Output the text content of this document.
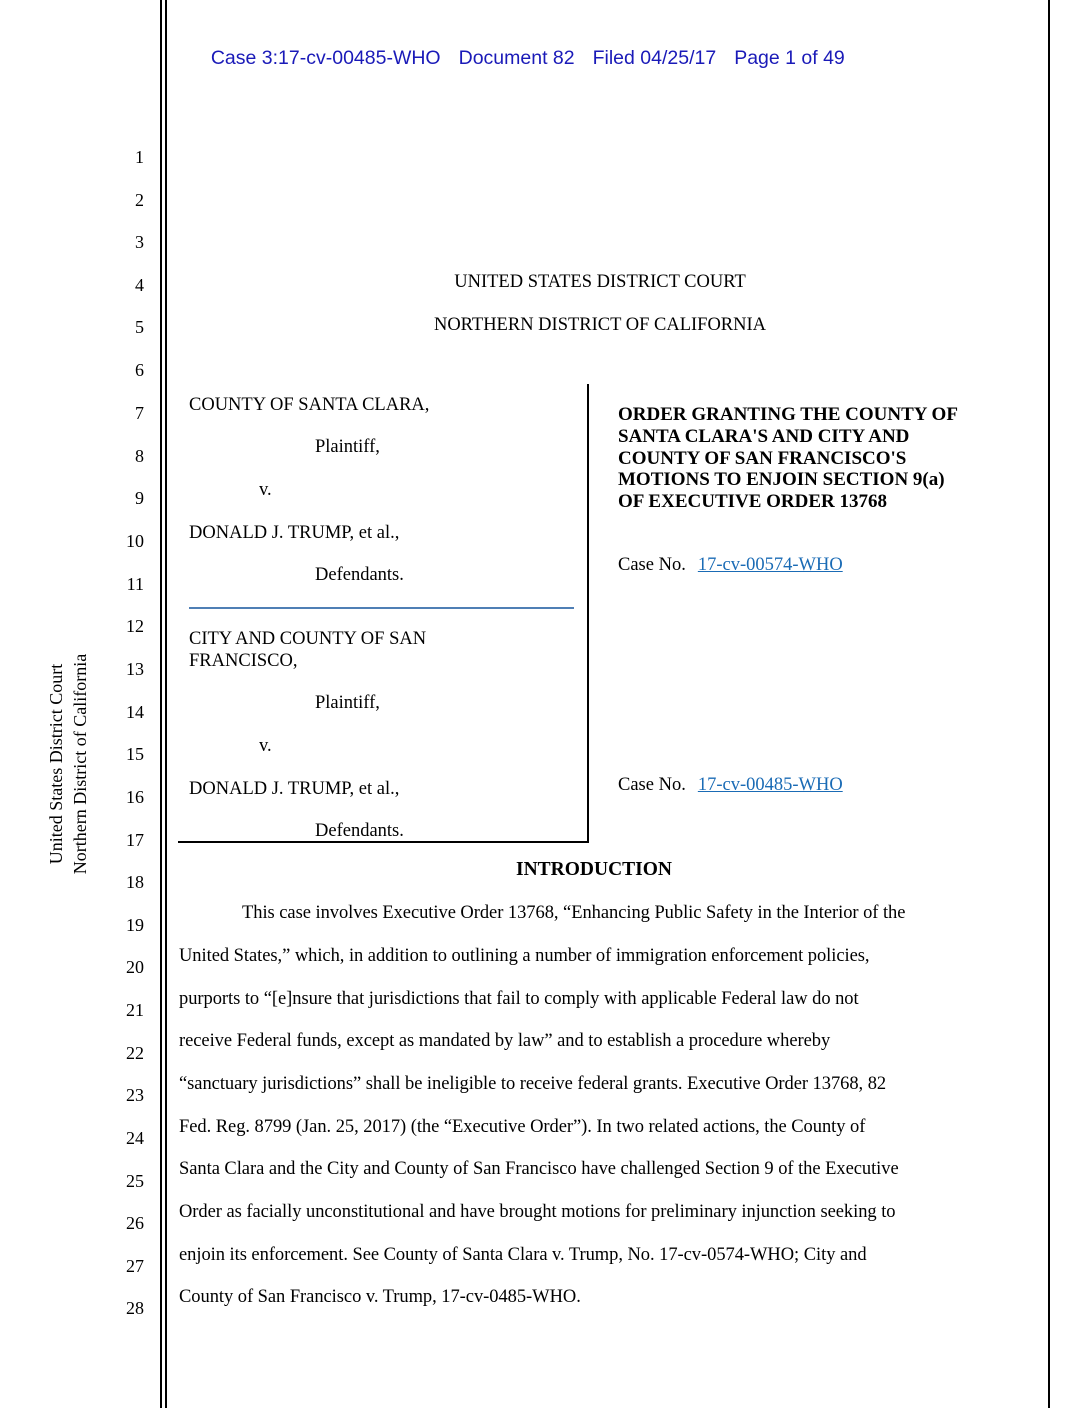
Case 3:17-cv-00485-WHO Document 82 Filed 04/25/17 Page 1 of 49

United States District Court Northern District of California
1
2
3
4
5
6
7
8
9
10
11
12
13
14
15
16
17
18
19
20
21
22
23
24
25
26
27
28
UNITED STATES DISTRICT COURT
NORTHERN DISTRICT OF CALIFORNIA
COUNTY OF SANTA CLARA,
Plaintiff,
v.
DONALD J. TRUMP, et al.,
Defendants.
CITY AND COUNTY OF SAN
FRANCISCO,
Plaintiff,
v.
DONALD J. TRUMP, et al.,
Defendants.
ORDER GRANTING THE COUNTY OF
SANTA CLARA'S AND CITY AND
COUNTY OF SAN FRANCISCO'S
MOTIONS TO ENJOIN SECTION 9(a)
OF EXECUTIVE ORDER 13768
Case No. 17-cv-00574-WHO
Case No. 17-cv-00485-WHO
INTRODUCTION
This case involves Executive Order 13768, “Enhancing Public Safety in the Interior of the
United States,” which, in addition to outlining a number of immigration enforcement policies,
purports to “[e]nsure that jurisdictions that fail to comply with applicable Federal law do not
receive Federal funds, except as mandated by law” and to establish a procedure whereby
“sanctuary jurisdictions” shall be ineligible to receive federal grants. Executive Order 13768, 82
Fed. Reg. 8799 (Jan. 25, 2017) (the “Executive Order”). In two related actions, the County of
Santa Clara and the City and County of San Francisco have challenged Section 9 of the Executive
Order as facially unconstitutional and have brought motions for preliminary injunction seeking to
enjoin its enforcement. See County of Santa Clara v. Trump, No. 17-cv-0574-WHO; City and
County of San Francisco v. Trump, 17-cv-0485-WHO.
